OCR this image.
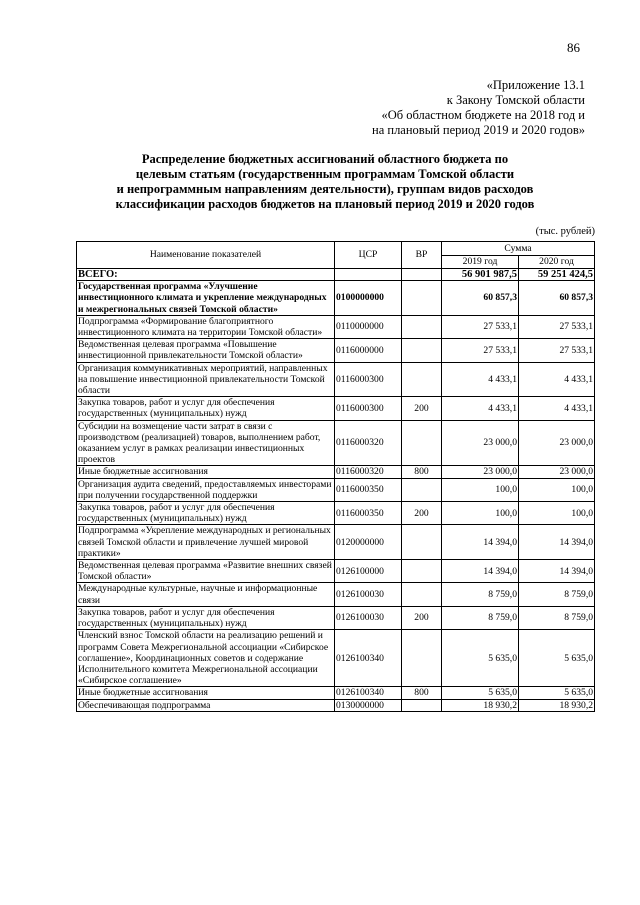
86
«Приложение 13.1
к Закону Томской области
«Об областном бюджете на 2018 год и
на плановый период 2019 и 2020 годов»
Распределение бюджетных ассигнований областного бюджета по
целевым статьям (государственным программам Томской области
и непрограммным направлениям деятельности), группам видов расходов
классификации расходов бюджетов на плановый период 2019 и 2020 годов
(тыс. рублей)
Наименование показателей	ЦСР	ВР	Сумма	
			2019 год	2020 год
ВСЕГО:			56 901 987,5	59 251 424,5
Государственная программа «Улучшение инвестиционного климата и укрепление международных и межрегиональных связей Томской области»	0100000000		60 857,3	60 857,3
Подпрограмма «Формирование благоприятного инвестиционного климата на территории Томской области»	0110000000		27 533,1	27 533,1
Ведомственная целевая программа «Повышение инвестиционной привлекательности Томской области»	0116000000		27 533,1	27 533,1
Организация коммуникативных мероприятий, направленных на повышение инвестиционной привлекательности Томской области	0116000300		4 433,1	4 433,1
Закупка товаров, работ и услуг для обеспечения государственных (муниципальных) нужд	0116000300	200	4 433,1	4 433,1
Субсидии на возмещение части затрат в связи с производством (реализацией) товаров, выполнением работ, оказанием услуг в рамках реализации инвестиционных проектов	0116000320		23 000,0	23 000,0
Иные бюджетные ассигнования	0116000320	800	23 000,0	23 000,0
Организация аудита сведений, предоставляемых инвесторами при получении государственной поддержки	0116000350		100,0	100,0
Закупка товаров, работ и услуг для обеспечения государственных (муниципальных) нужд	0116000350	200	100,0	100,0
Подпрограмма «Укрепление международных и региональных связей Томской области и привлечение лучшей мировой практики»	0120000000		14 394,0	14 394,0
Ведомственная целевая программа «Развитие внешних связей Томской области»	0126100000		14 394,0	14 394,0
Международные культурные, научные и информационные связи	0126100030		8 759,0	8 759,0
Закупка товаров, работ и услуг для обеспечения государственных (муниципальных) нужд	0126100030	200	8 759,0	8 759,0
Членский взнос Томской области на реализацию решений и программ Совета Межрегиональной ассоциации «Сибирское соглашение», Координационных советов и содержание Исполнительного комитета Межрегиональной ассоциации «Сибирское соглашение»	0126100340		5 635,0	5 635,0
Иные бюджетные ассигнования	0126100340	800	5 635,0	5 635,0
Обеспечивающая подпрограмма	0130000000		18 930,2	18 930,2
